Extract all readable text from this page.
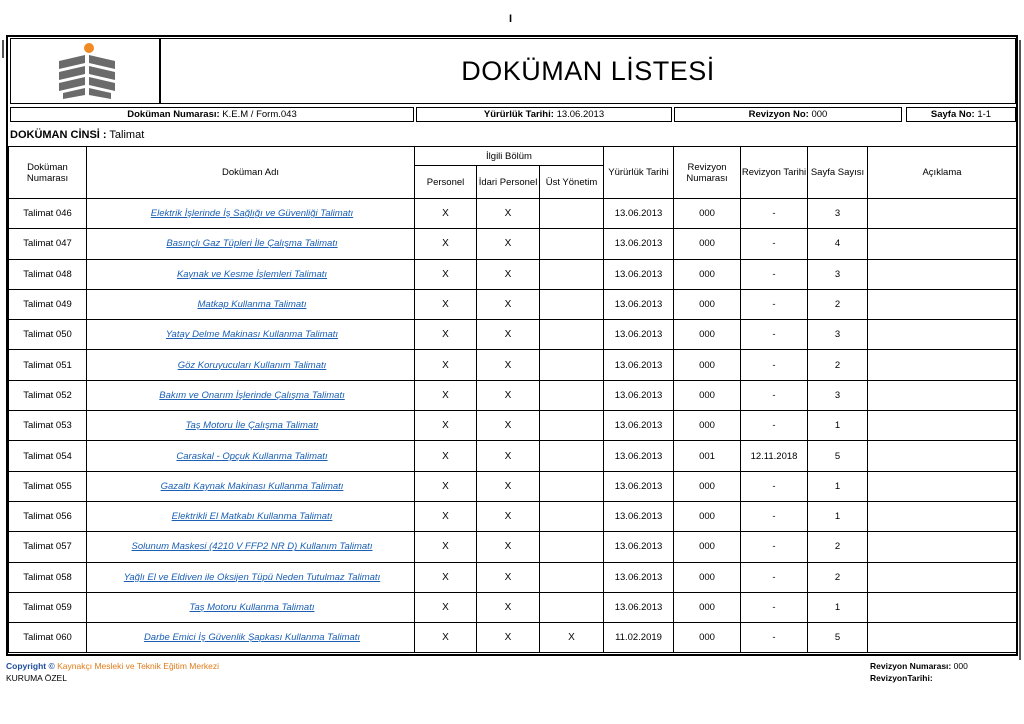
I
DOKÜMAN LİSTESİ
Doküman Numarası: K.E.M / Form.043	Yürürlük Tarihi: 13.06.2013	Revizyon No: 000	Sayfa No: 1-1
DOKÜMAN CİNSİ : Talimat
Doküman Numarası	Doküman Adı	İlgili Bölüm			Yürürlük Tarihi	Revizyon Numarası	Revizyon Tarihi	Sayfa Sayısı	Açıklama
		Personel	İdari Personel	Üst Yönetim					
Talimat 046	Elektrik İşlerinde İş Sağlığı ve Güvenliği Talimatı	X	X		13.06.2013	000	-	3	
Talimat 047	Basınçlı Gaz Tüpleri İle Çalışma Talimatı	X	X		13.06.2013	000	-	4	
Talimat 048	Kaynak ve Kesme İşlemleri Talimatı	X	X		13.06.2013	000	-	3	
Talimat 049	Matkap Kullanma Talimatı	X	X		13.06.2013	000	-	2	
Talimat 050	Yatay Delme Makinası Kullanma Talimatı	X	X		13.06.2013	000	-	3	
Talimat 051	Göz Koruyucuları Kullanım Talimatı	X	X		13.06.2013	000	-	2	
Talimat 052	Bakım ve Onarım İşlerinde Çalışma Talimatı	X	X		13.06.2013	000	-	3	
Talimat 053	Taş Motoru İle Çalışma Talimatı	X	X		13.06.2013	000	-	1	
Talimat 054	Caraskal - Opçuk Kullanma Talimatı	X	X		13.06.2013	001	12.11.2018	5	
Talimat 055	Gazaltı Kaynak Makinası Kullanma Talimatı	X	X		13.06.2013	000	-	1	
Talimat 056	Elektrikli El Matkabı Kullanma Talimatı	X	X		13.06.2013	000	-	1	
Talimat 057	Solunum Maskesi (4210 V FFP2 NR D) Kullanım Talimatı	X	X		13.06.2013	000	-	2	
Talimat 058	Yağlı El ve Eldiven ile Oksijen Tüpü Neden Tutulmaz Talimatı	X	X		13.06.2013	000	-	2	
Talimat 059	Taş Motoru Kullanma Talimatı	X	X		13.06.2013	000	-	1	
Talimat 060	Darbe Emici İş Güvenlik Şapkası Kullanma Talimatı	X	X	X	11.02.2019	000	-	5	
Copyright © Kaynakçı Mesleki ve Teknik Eğitim Merkezi
KURUMA ÖZEL
Revizyon Numarası: 000
RevizyonTarihi:
